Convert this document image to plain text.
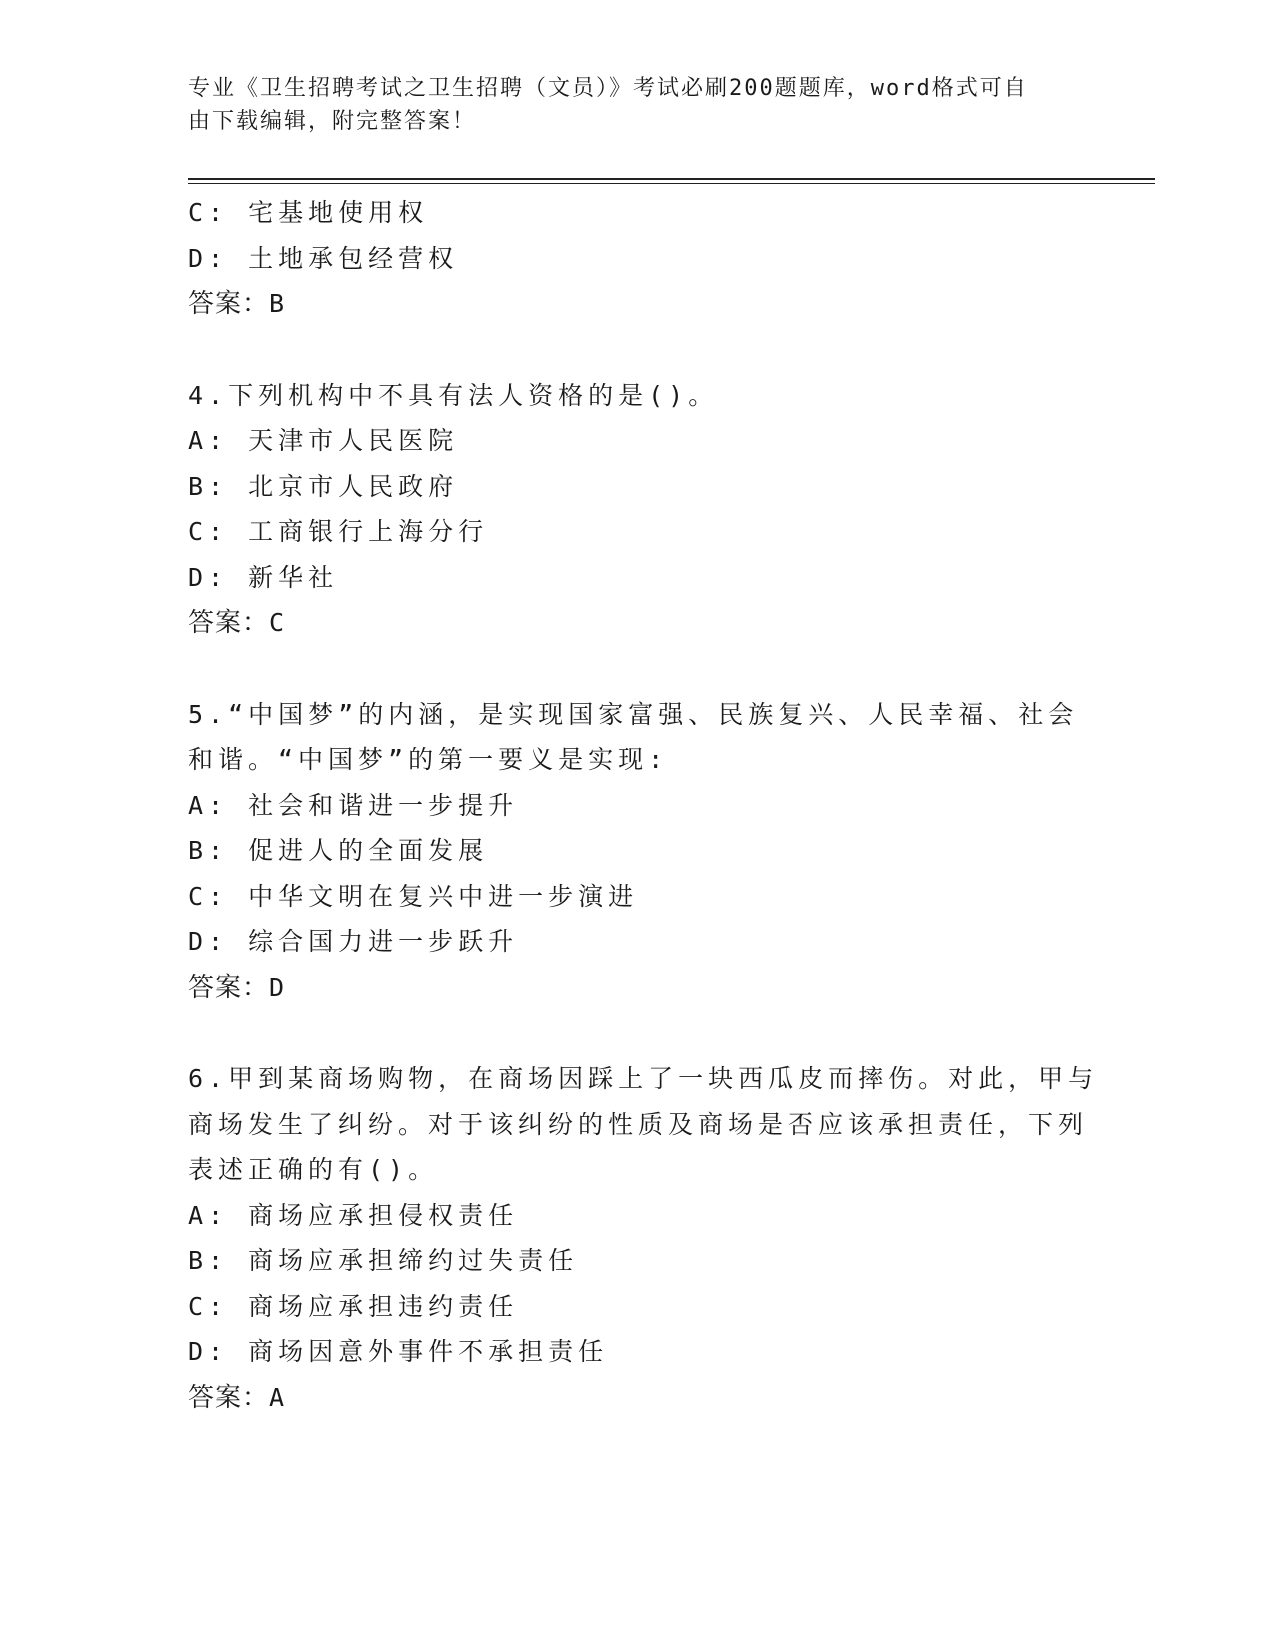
专业《卫生招聘考试之卫生招聘（文员）》考试必刷200题题库，word格式可自
由下载编辑，附完整答案！
C: 宅基地使用权
D: 土地承包经营权
答案：B
4.下列机构中不具有法人资格的是()。
A: 天津市人民医院
B: 北京市人民政府
C: 工商银行上海分行
D: 新华社
答案：C
5.“中国梦”的内涵，是实现国家富强、民族复兴、人民幸福、社会
和谐。“中国梦”的第一要义是实现:
A: 社会和谐进一步提升
B: 促进人的全面发展
C: 中华文明在复兴中进一步演进
D: 综合国力进一步跃升
答案：D
6.甲到某商场购物，在商场因踩上了一块西瓜皮而摔伤。对此，甲与
商场发生了纠纷。对于该纠纷的性质及商场是否应该承担责任，下列
表述正确的有()。
A: 商场应承担侵权责任
B: 商场应承担缔约过失责任
C: 商场应承担违约责任
D: 商场因意外事件不承担责任
答案：A
